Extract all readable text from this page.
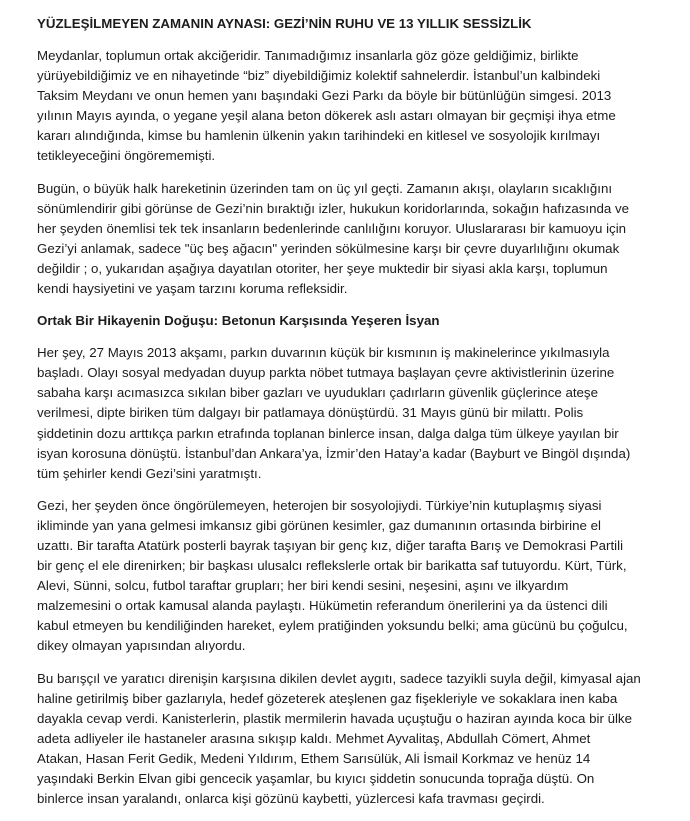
YÜZLEŞİLMEYEN ZAMANIN AYNASI: GEZİ’NİN RUHU VE 13 YILLIK SESSİZLİK

Meydanlar, toplumun ortak akciğeridir. Tanımadığımız insanlarla göz göze geldiğimiz, birlikte
yürüyebildiğimiz ve en nihayetinde “biz” diyebildiğimiz kolektif sahnelerdir. İstanbul’un kalbindeki
Taksim Meydanı ve onun hemen yanı başındaki Gezi Parkı da böyle bir bütünlüğün simgesi. 2013
yılının Mayıs ayında, o yegane yeşil alana beton dökerek aslı astarı olmayan bir geçmişi ihya etme
kararı alındığında, kimse bu hamlenin ülkenin yakın tarihindeki en kitlesel ve sosyolojik kırılmayı
tetikleyeceğini öngörememişti.

Bugün, o büyük halk hareketinin üzerinden tam on üç yıl geçti. Zamanın akışı, olayların sıcaklığını
sönümlendirir gibi görünse de Gezi’nin bıraktığı izler, hukukun koridorlarında, sokağın hafızasında ve
her şeyden önemlisi tek tek insanların bedenlerinde canlılığını koruyor. Uluslararası bir kamuoyu için
Gezi’yi anlamak, sadece "üç beş ağacın" yerinden sökülmesine karşı bir çevre duyarlılığını okumak
değildir ; o, yukarıdan aşağıya dayatılan otoriter, her şeye muktedir bir siyasi akla karşı, toplumun
kendi haysiyetini ve yaşam tarzını koruma refleksidir.

Ortak Bir Hikayenin Doğuşu: Betonun Karşısında Yeşeren İsyan

Her şey, 27 Mayıs 2013 akşamı, parkın duvarının küçük bir kısmının iş makinelerince yıkılmasıyla
başladı. Olayı sosyal medyadan duyup parkta nöbet tutmaya başlayan çevre aktivistlerinin üzerine
sabaha karşı acımasızca sıkılan biber gazları ve uyudukları çadırların güvenlik güçlerince ateşe
verilmesi, dipte biriken tüm dalgayı bir patlamaya dönüştürdü. 31 Mayıs günü bir milattı. Polis
şiddetinin dozu arttıkça parkın etrafında toplanan binlerce insan, dalga dalga tüm ülkeye yayılan bir
isyan korosuna dönüştü. İstanbul’dan Ankara’ya, İzmir’den Hatay’a kadar (Bayburt ve Bingöl dışında)
tüm şehirler kendi Gezi’sini yaratmıştı.

Gezi, her şeyden önce öngörülemeyen, heterojen bir sosyolojiydi. Türkiye’nin kutuplaşmış siyasi
ikliminde yan yana gelmesi imkansız gibi görünen kesimler, gaz dumanının ortasında birbirine el
uzattı. Bir tarafta Atatürk posterli bayrak taşıyan bir genç kız, diğer tarafta Barış ve Demokrasi Partili
bir genç el ele direnirken; bir başkası ulusalcı reflekslerle ortak bir barikatta saf tutuyordu. Kürt, Türk,
Alevi, Sünni, solcu, futbol taraftar grupları; her biri kendi sesini, neşesini, aşını ve ilkyardım
malzemesini o ortak kamusal alanda paylaştı. Hükümetin referandum önerilerini ya da üstenci dili
kabul etmeyen bu kendiliğinden hareket, eylem pratiğinden yoksundu belki; ama gücünü bu çoğulcu,
dikey olmayan yapısından alıyordu.

Bu barışçıl ve yaratıcı direnişin karşısına dikilen devlet aygıtı, sadece tazyikli suyla değil, kimyasal ajan
haline getirilmiş biber gazlarıyla, hedef gözeterek ateşlenen gaz fişekleriyle ve sokaklara inen kaba
dayakla cevap verdi. Kanisterlerin, plastik mermilerin havada uçuştuğu o haziran ayında koca bir ülke
adeta adliyeler ile hastaneler arasına sıkışıp kaldı. Mehmet Ayvalitaş, Abdullah Cömert, Ahmet
Atakan, Hasan Ferit Gedik, Medeni Yıldırım, Ethem Sarısülük, Ali İsmail Korkmaz ve henüz 14
yaşındaki Berkin Elvan gibi gencecik yaşamlar, bu kıyıcı şiddetin sonucunda toprağa düştü. On
binlerce insan yaralandı, onlarca kişi gözünü kaybetti, yüzlercesi kafa travması geçirdi.
